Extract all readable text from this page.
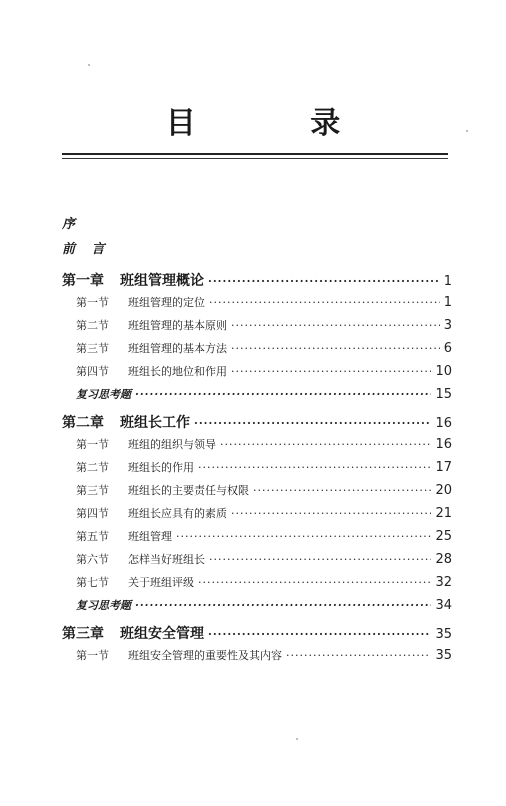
目 录
序
前 言
第一章	班组管理概论 ·····	1
第一节	班组管理的定位 ·····	1
第二节	班组管理的基本原则 ·····	3
第三节	班组管理的基本方法 ·····	6
第四节	班组长的地位和作用 ·····	10
复习思考题 ·····	15
第二章	班组长工作 ·····	16
第一节	班组的组织与领导 ·····	16
第二节	班组长的作用 ·····	17
第三节	班组长的主要责任与权限 ·····	20
第四节	班组长应具有的素质 ·····	21
第五节	班组管理 ·····	25
第六节	怎样当好班组长 ·····	28
第七节	关于班组评级 ·····	32
复习思考题 ·····	34
第三章	班组安全管理 ·····	35
第一节	班组安全管理的重要性及其内容 ·····	35
